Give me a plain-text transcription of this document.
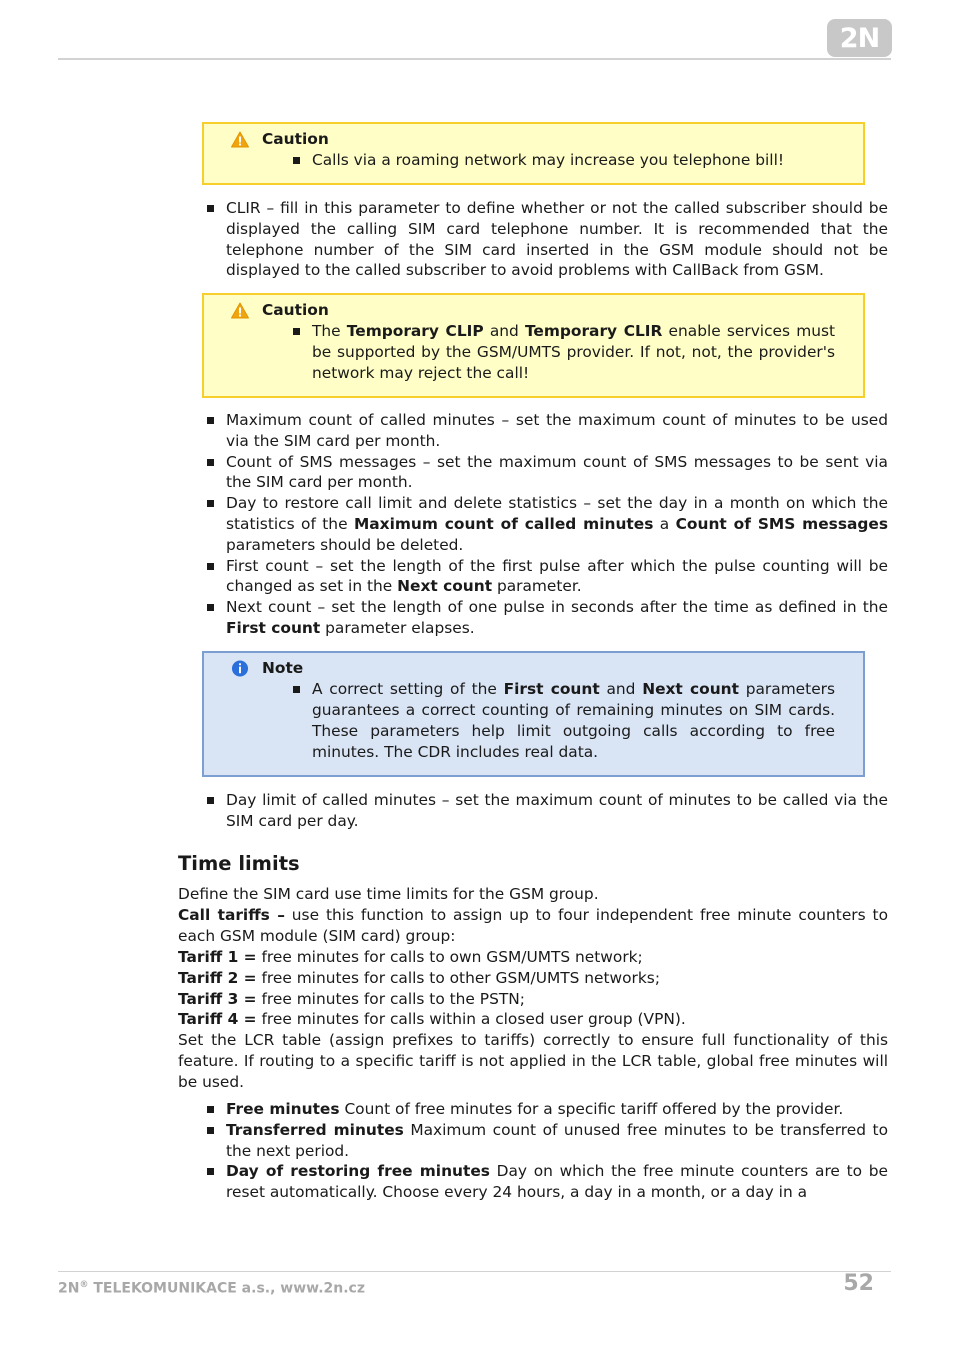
2N
Caution
Calls via a roaming network may increase you telephone bill!
CLIR – fill in this parameter to define whether or not the called subscriber should be displayed the calling SIM card telephone number. It is recommended that the telephone number of the SIM card inserted in the GSM module should not be displayed to the called subscriber to avoid problems with CallBack from GSM.
Caution
The Temporary CLIP and Temporary CLIR enable services must be supported by the GSM/UMTS provider. If not, not, the provider's network may reject the call!
Maximum count of called minutes – set the maximum count of minutes to be used via the SIM card per month.
Count of SMS messages – set the maximum count of SMS messages to be sent via the SIM card per month.
Day to restore call limit and delete statistics – set the day in a month on which the statistics of the Maximum count of called minutes a Count of SMS messages parameters should be deleted.
First count – set the length of the first pulse after which the pulse counting will be changed as set in the Next count parameter.
Next count – set the length of one pulse in seconds after the time as defined in the First count parameter elapses.
Note
A correct setting of the First count and Next count parameters guarantees a correct counting of remaining minutes on SIM cards. These parameters help limit outgoing calls according to free minutes. The CDR includes real data.
Day limit of called minutes – set the maximum count of minutes to be called via the SIM card per day.
Time limits
Define the SIM card use time limits for the GSM group.
Call tariffs – use this function to assign up to four independent free minute counters to each GSM module (SIM card) group:
Tariff 1 = free minutes for calls to own GSM/UMTS network;
Tariff 2 = free minutes for calls to other GSM/UMTS networks;
Tariff 3 = free minutes for calls to the PSTN;
Tariff 4 = free minutes for calls within a closed user group (VPN).
Set the LCR table (assign prefixes to tariffs) correctly to ensure full functionality of this feature. If routing to a specific tariff is not applied in the LCR table, global free minutes will be used.
Free minutes Count of free minutes for a specific tariff offered by the provider.
Transferred minutes Maximum count of unused free minutes to be transferred to the next period.
Day of restoring free minutes Day on which the free minute counters are to be reset automatically. Choose every 24 hours, a day in a month, or a day in a
2N® TELEKOMUNIKACE a.s., www.2n.cz	52
